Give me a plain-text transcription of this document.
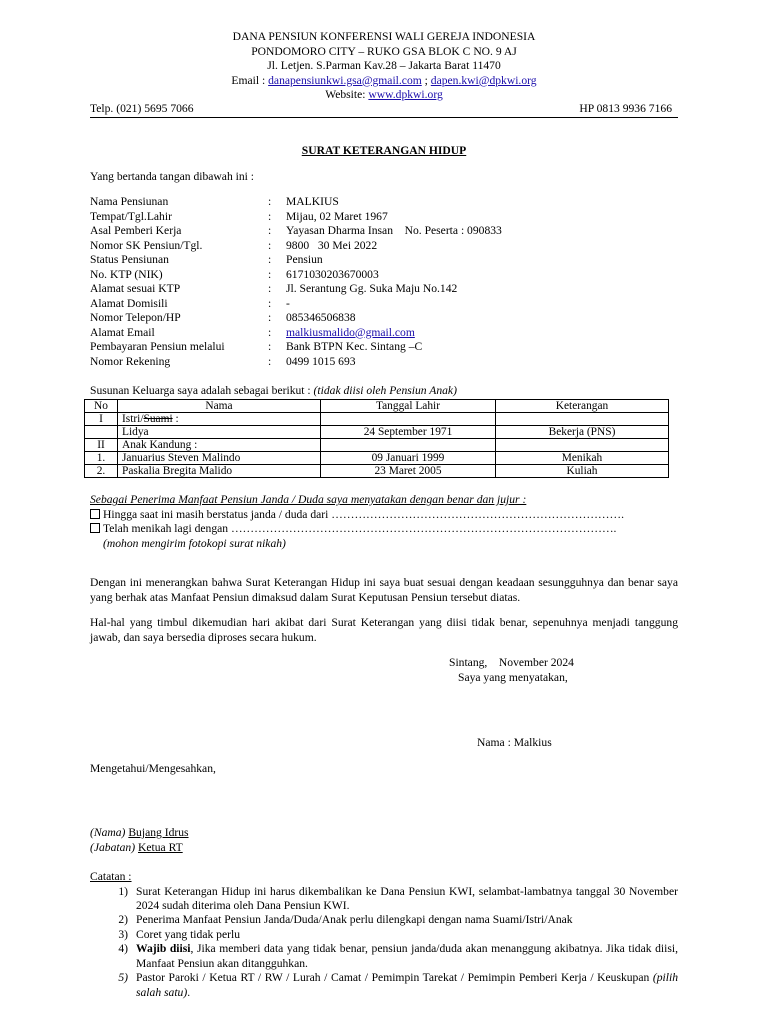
DANA PENSIUN KONFERENSI WALI GEREJA INDONESIA
PONDOMORO CITY – RUKO GSA BLOK C NO. 9 AJ
Jl. Letjen. S.Parman Kav.28 – Jakarta Barat 11470
Email : danapensiunkwi.gsa@gmail.com ; dapen.kwi@dpkwi.org
Website: www.dpkwi.org
Telp. (021) 5695 7066	HP 0813 9936 7166
SURAT KETERANGAN HIDUP
Yang bertanda tangan dibawah ini :
Nama Pensiunan	: MALKIUS
Tempat/Tgl.Lahir	: Mijau, 02 Maret 1967
Asal Pemberi Kerja	: Yayasan Dharma Insan    No. Peserta : 090833
Nomor SK Pensiun/Tgl.	: 9800   30 Mei 2022
Status Pensiunan	: Pensiun
No. KTP (NIK)	: 6171030203670003
Alamat sesuai KTP	: Jl. Serantung Gg. Suka Maju No.142
Alamat Domisili	: -
Nomor Telepon/HP	: 085346506838
Alamat Email	: malkiusmalido@gmail.com
Pembayaran Pensiun melalui	: Bank BTPN Kec. Sintang –C
Nomor Rekening	: 0499 1015 693
Susunan Keluarga saya adalah sebagai berikut : (tidak diisi oleh Pensiun Anak)
No	Nama	Tanggal Lahir	Keterangan
I	Istri/Suami :		
	Lidya	24 September 1971	Bekerja (PNS)
II	Anak Kandung :		
1.	Januarius Steven Malindo	09 Januari 1999	Menikah
2.	Paskalia Bregita Malido	23 Maret 2005	Kuliah
Sebagai Penerima Manfaat Pensiun Janda / Duda saya menyatakan dengan benar dan jujur :
Hingga saat ini masih berstatus janda / duda dari ………………………………………………………………….
Telah menikah lagi dengan ……………………………………………………………………………………….
(mohon mengirim fotokopi surat nikah)
Dengan ini menerangkan bahwa Surat Keterangan Hidup ini saya buat sesuai dengan keadaan sesungguhnya dan benar saya yang berhak atas Manfaat Pensiun dimaksud dalam Surat Keputusan Pensiun tersebut diatas.
Hal-hal yang timbul dikemudian hari akibat dari Surat Keterangan yang diisi tidak benar, sepenuhnya menjadi tanggung jawab, dan saya bersedia diproses secara hukum.
Sintang,    November 2024
Saya yang menyatakan,
Nama : Malkius
Mengetahui/Mengesahkan,
(Nama) Bujang Idrus
(Jabatan) Ketua RT
Catatan :
1) Surat Keterangan Hidup ini harus dikembalikan ke Dana Pensiun KWI, selambat-lambatnya tanggal 30 November 2024 sudah diterima oleh Dana Pensiun KWI.
2) Penerima Manfaat Pensiun Janda/Duda/Anak perlu dilengkapi dengan nama Suami/Istri/Anak
3) Coret yang tidak perlu
4) Wajib diisi, Jika memberi data yang tidak benar, pensiun janda/duda akan menanggung akibatnya. Jika tidak diisi, Manfaat Pensiun akan ditangguhkan.
5) Pastor Paroki / Ketua RT / RW / Lurah / Camat / Pemimpin Tarekat / Pemimpin Pemberi Kerja / Keuskupan (pilih salah satu).
